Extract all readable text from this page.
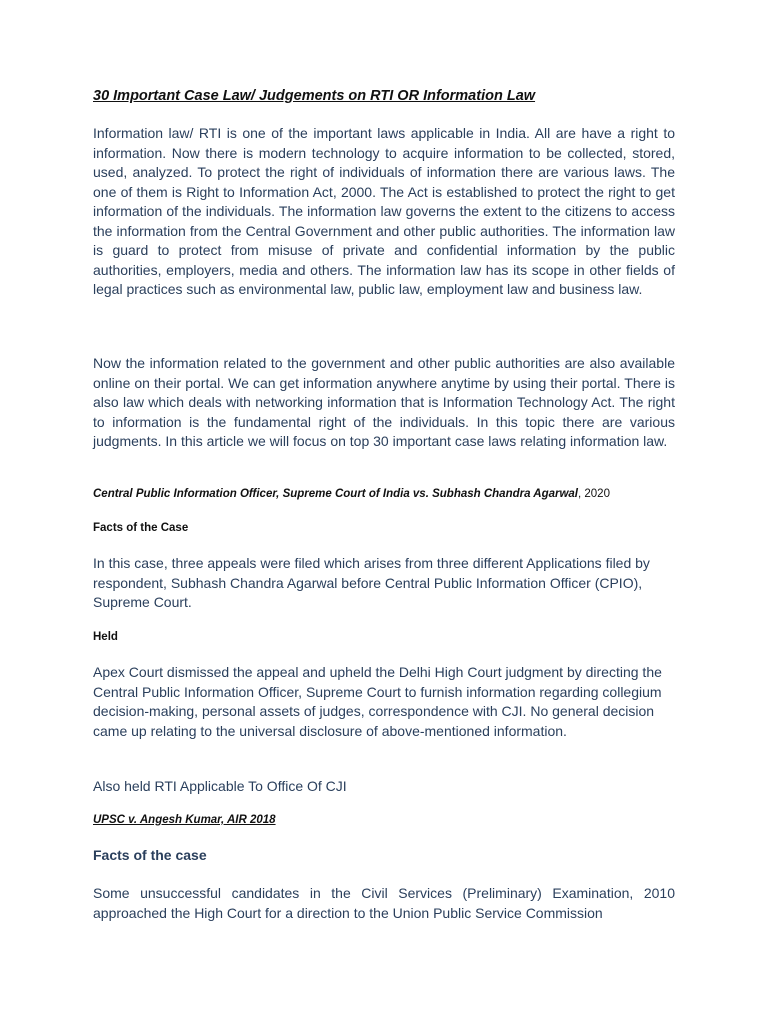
30 Important Case Law/ Judgements on RTI OR Information Law

Information law/ RTI is one of the important laws applicable in India. All are have a right to information. Now there is modern technology to acquire information to be collected, stored, used, analyzed. To protect the right of individuals of information there are various laws. The one of them is Right to Information Act, 2000. The Act is established to protect the right to get information of the individuals. The information law governs the extent to the citizens to access the information from the Central Government and other public authorities. The information law is guard to protect from misuse of private and confidential information by the public authorities, employers, media and others. The information law has its scope in other fields of legal practices such as environmental law, public law, employment law and business law.

Now the information related to the government and other public authorities are also available online on their portal. We can get information anywhere anytime by using their portal. There is also law which deals with networking information that is Information Technology Act. The right to information is the fundamental right of the individuals. In this topic there are various judgments. In this article we will focus on top 30 important case laws relating information law.

Central Public Information Officer, Supreme Court of India vs. Subhash Chandra Agarwal, 2020

Facts of the Case

In this case, three appeals were filed which arises from three different Applications filed by respondent, Subhash Chandra Agarwal before Central Public Information Officer (CPIO), Supreme Court.

Held

Apex Court dismissed the appeal and upheld the Delhi High Court judgment by directing the Central Public Information Officer, Supreme Court to furnish information regarding collegium decision-making, personal assets of judges, correspondence with CJI. No general decision came up relating to the universal disclosure of above-mentioned information.

Also held RTI Applicable To Office Of CJI

UPSC v. Angesh Kumar, AIR 2018

Facts of the case

Some unsuccessful candidates in the Civil Services (Preliminary) Examination, 2010 approached the High Court for a direction to the Union Public Service Commission
